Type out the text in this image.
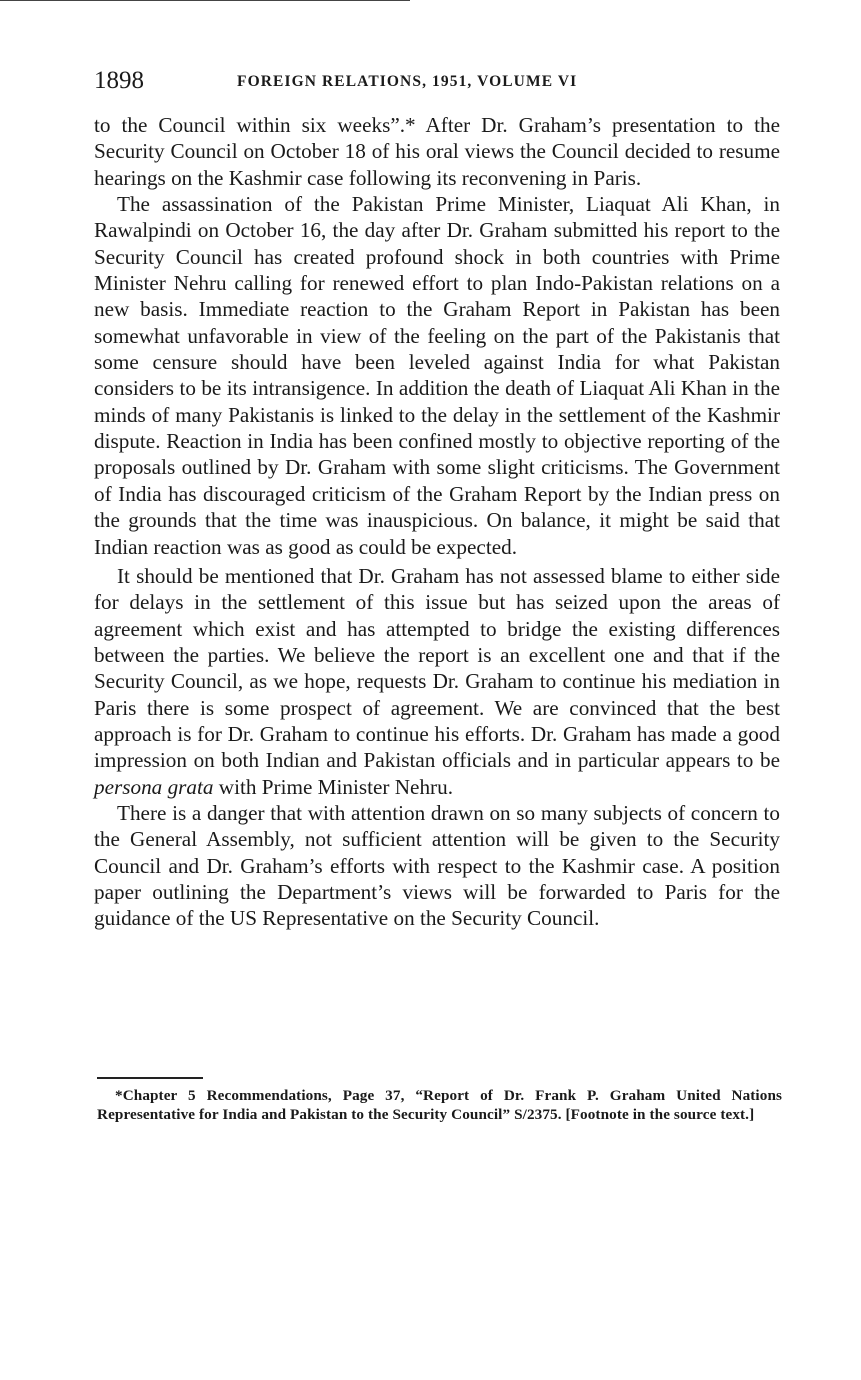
1898	FOREIGN RELATIONS, 1951, VOLUME VI

to the Council within six weeks”.* After Dr. Graham’s presentation to the Security Council on October 18 of his oral views the Council decided to resume hearings on the Kashmir case following its reconvening in Paris.

The assassination of the Pakistan Prime Minister, Liaquat Ali Khan, in Rawalpindi on October 16, the day after Dr. Graham submitted his report to the Security Council has created profound shock in both countries with Prime Minister Nehru calling for renewed effort to plan Indo-Pakistan relations on a new basis. Immediate reaction to the Graham Report in Pakistan has been somewhat unfavorable in view of the feeling on the part of the Pakistanis that some censure should have been leveled against India for what Pakistan considers to be its intransigence. In addition the death of Liaquat Ali Khan in the minds of many Pakistanis is linked to the delay in the settlement of the Kashmir dispute. Reaction in India has been confined mostly to objective reporting of the proposals outlined by Dr. Graham with some slight criticisms. The Government of India has discouraged criticism of the Graham Report by the Indian press on the grounds that the time was inauspicious. On balance, it might be said that Indian reaction was as good as could be expected.

It should be mentioned that Dr. Graham has not assessed blame to either side for delays in the settlement of this issue but has seized upon the areas of agreement which exist and has attempted to bridge the existing differences between the parties. We believe the report is an excellent one and that if the Security Council, as we hope, requests Dr. Graham to continue his mediation in Paris there is some prospect of agreement. We are convinced that the best approach is for Dr. Graham to continue his efforts. Dr. Graham has made a good impression on both Indian and Pakistan officials and in particular appears to be persona grata with Prime Minister Nehru.

There is a danger that with attention drawn on so many subjects of concern to the General Assembly, not sufficient attention will be given to the Security Council and Dr. Graham’s efforts with respect to the Kashmir case. A position paper outlining the Department’s views will be forwarded to Paris for the guidance of the US Representative on the Security Council.

*Chapter 5 Recommendations, Page 37, “Report of Dr. Frank P. Graham United Nations Representative for India and Pakistan to the Security Council” S/2375. [Footnote in the source text.]
